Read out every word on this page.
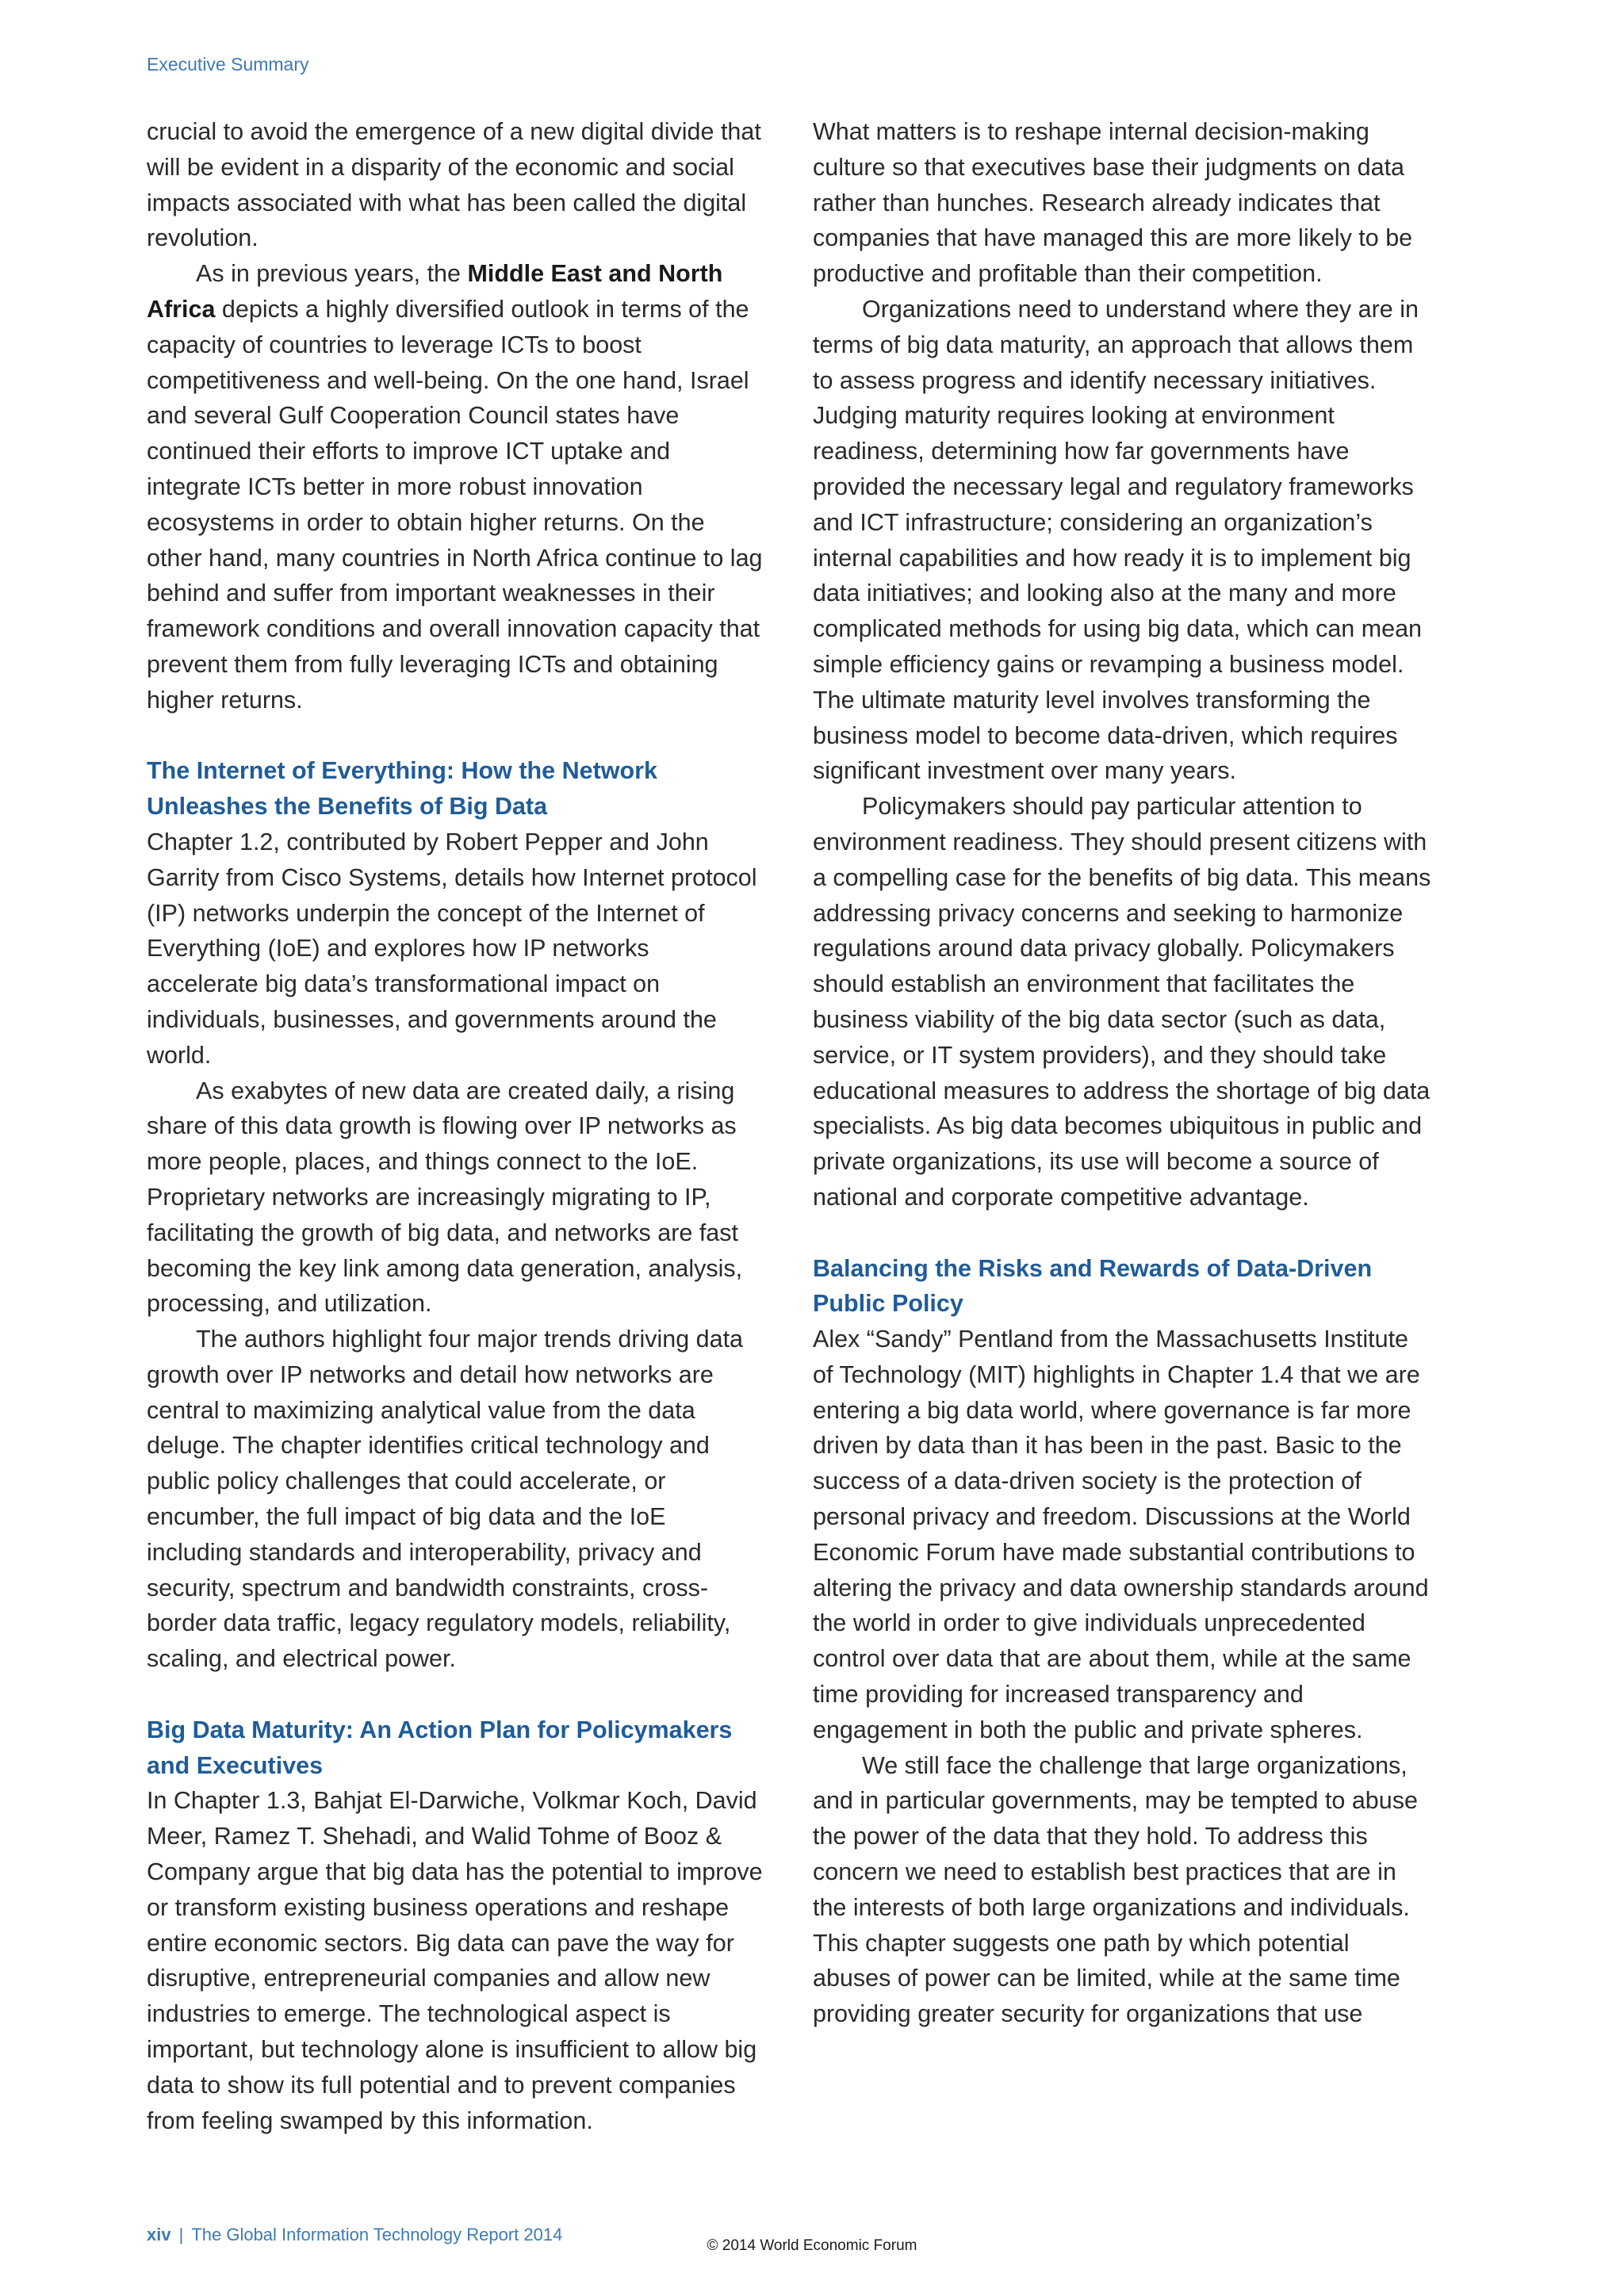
Executive Summary

crucial to avoid the emergence of a new digital divide that will be evident in a disparity of the economic and social impacts associated with what has been called the digital revolution.

As in previous years, the Middle East and North Africa depicts a highly diversified outlook in terms of the capacity of countries to leverage ICTs to boost competitiveness and well-being. On the one hand, Israel and several Gulf Cooperation Council states have continued their efforts to improve ICT uptake and integrate ICTs better in more robust innovation ecosystems in order to obtain higher returns. On the other hand, many countries in North Africa continue to lag behind and suffer from important weaknesses in their framework conditions and overall innovation capacity that prevent them from fully leveraging ICTs and obtaining higher returns.

The Internet of Everything: How the Network Unleashes the Benefits of Big Data

Chapter 1.2, contributed by Robert Pepper and John Garrity from Cisco Systems, details how Internet protocol (IP) networks underpin the concept of the Internet of Everything (IoE) and explores how IP networks accelerate big data’s transformational impact on individuals, businesses, and governments around the world.

As exabytes of new data are created daily, a rising share of this data growth is flowing over IP networks as more people, places, and things connect to the IoE. Proprietary networks are increasingly migrating to IP, facilitating the growth of big data, and networks are fast becoming the key link among data generation, analysis, processing, and utilization.

The authors highlight four major trends driving data growth over IP networks and detail how networks are central to maximizing analytical value from the data deluge. The chapter identifies critical technology and public policy challenges that could accelerate, or encumber, the full impact of big data and the IoE including standards and interoperability, privacy and security, spectrum and bandwidth constraints, cross-border data traffic, legacy regulatory models, reliability, scaling, and electrical power.

Big Data Maturity: An Action Plan for Policymakers and Executives

In Chapter 1.3, Bahjat El-Darwiche, Volkmar Koch, David Meer, Ramez T. Shehadi, and Walid Tohme of Booz & Company argue that big data has the potential to improve or transform existing business operations and reshape entire economic sectors. Big data can pave the way for disruptive, entrepreneurial companies and allow new industries to emerge. The technological aspect is important, but technology alone is insufficient to allow big data to show its full potential and to prevent companies from feeling swamped by this information.

What matters is to reshape internal decision-making culture so that executives base their judgments on data rather than hunches. Research already indicates that companies that have managed this are more likely to be productive and profitable than their competition.

Organizations need to understand where they are in terms of big data maturity, an approach that allows them to assess progress and identify necessary initiatives. Judging maturity requires looking at environment readiness, determining how far governments have provided the necessary legal and regulatory frameworks and ICT infrastructure; considering an organization’s internal capabilities and how ready it is to implement big data initiatives; and looking also at the many and more complicated methods for using big data, which can mean simple efficiency gains or revamping a business model. The ultimate maturity level involves transforming the business model to become data-driven, which requires significant investment over many years.

Policymakers should pay particular attention to environment readiness. They should present citizens with a compelling case for the benefits of big data. This means addressing privacy concerns and seeking to harmonize regulations around data privacy globally. Policymakers should establish an environment that facilitates the business viability of the big data sector (such as data, service, or IT system providers), and they should take educational measures to address the shortage of big data specialists. As big data becomes ubiquitous in public and private organizations, its use will become a source of national and corporate competitive advantage.

Balancing the Risks and Rewards of Data-Driven Public Policy

Alex “Sandy” Pentland from the Massachusetts Institute of Technology (MIT) highlights in Chapter 1.4 that we are entering a big data world, where governance is far more driven by data than it has been in the past. Basic to the success of a data-driven society is the protection of personal privacy and freedom. Discussions at the World Economic Forum have made substantial contributions to altering the privacy and data ownership standards around the world in order to give individuals unprecedented control over data that are about them, while at the same time providing for increased transparency and engagement in both the public and private spheres.

We still face the challenge that large organizations, and in particular governments, may be tempted to abuse the power of the data that they hold. To address this concern we need to establish best practices that are in the interests of both large organizations and individuals. This chapter suggests one path by which potential abuses of power can be limited, while at the same time providing greater security for organizations that use

xiv | The Global Information Technology Report 2014
© 2014 World Economic Forum
